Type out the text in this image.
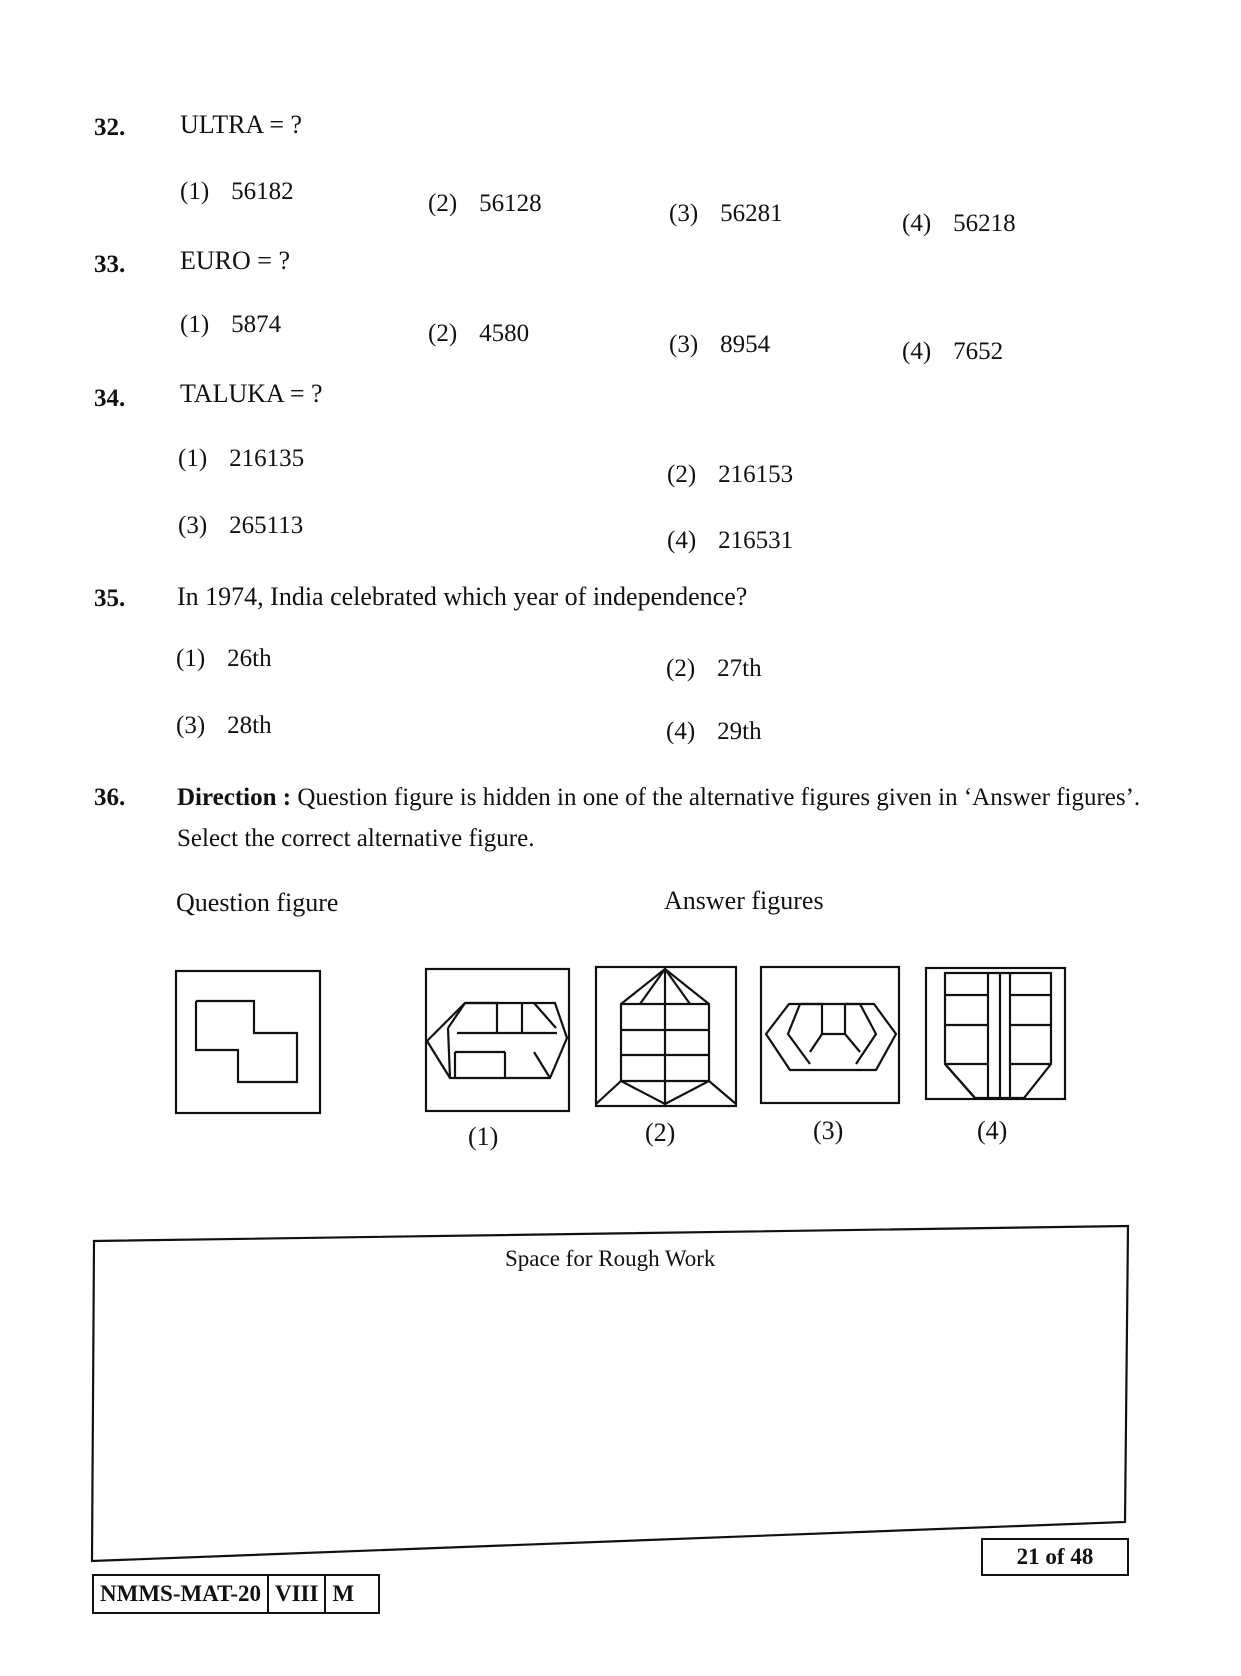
32. ULTRA = ?
(1) 56182	(2) 56128	(3) 56281	(4) 56218
33. EURO = ?
(1) 5874	(2) 4580	(3) 8954	(4) 7652
34. TALUKA = ?
(1) 216135
(2) 216153
(3) 265113
(4) 216531
35. In 1974, India celebrated which year of independence?
(1) 26th	(2) 27th
(3) 28th	(4) 29th
36. Direction : Question figure is hidden in one of the alternative figures given in ‘Answer figures’. Select the correct alternative figure.
Question figure	Answer figures
(1)	(2)	(3)	(4)
Space for Rough Work
21 of 48
NMMS-MAT-20 VIII M
